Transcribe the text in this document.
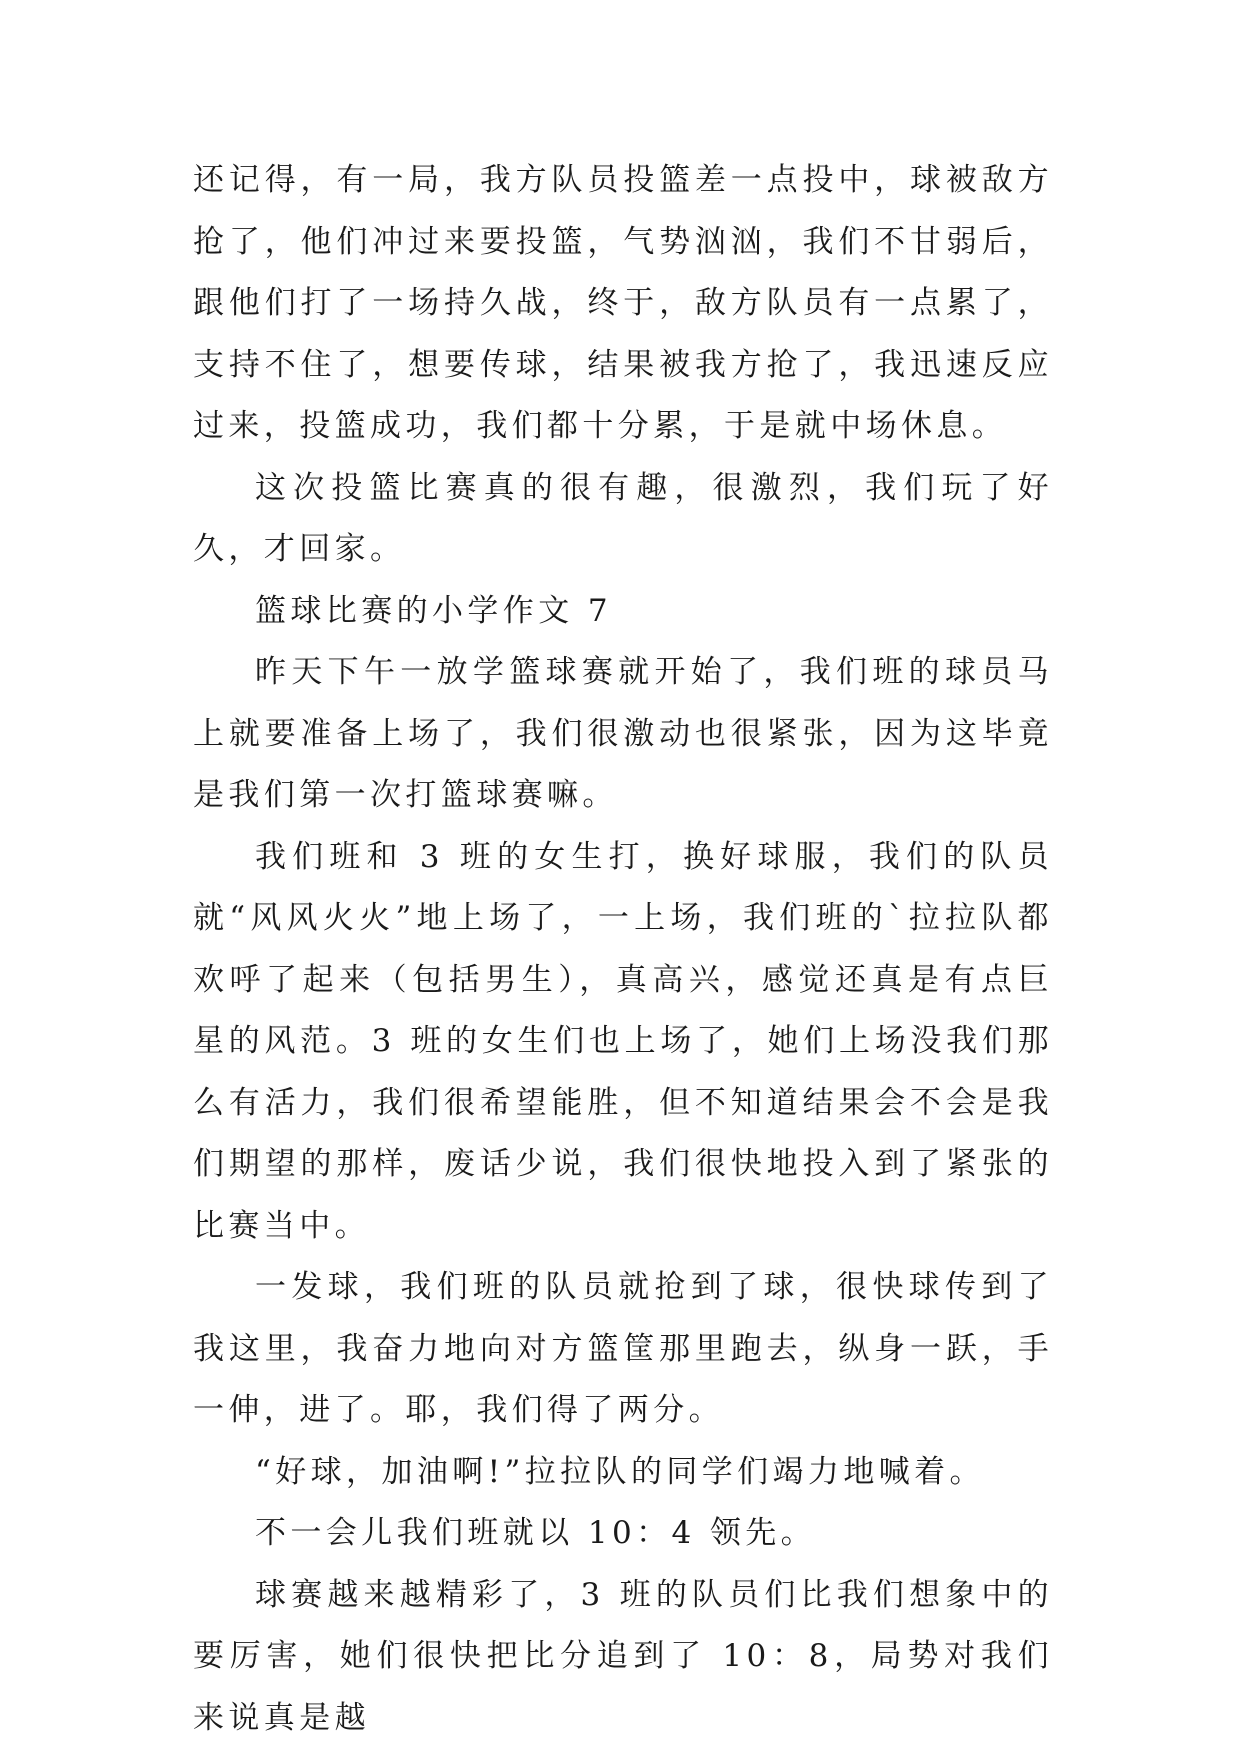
还记得，有一局，我方队员投篮差一点投中，球被敌方抢了，他们冲过来要投篮，气势汹汹，我们不甘弱后，跟他们打了一场持久战，终于，敌方队员有一点累了，支持不住了，想要传球，结果被我方抢了，我迅速反应过来，投篮成功，我们都十分累，于是就中场休息。

这次投篮比赛真的很有趣，很激烈，我们玩了好久，才回家。

篮球比赛的小学作文 7

昨天下午一放学篮球赛就开始了，我们班的球员马上就要准备上场了，我们很激动也很紧张，因为这毕竟是我们第一次打篮球赛嘛。

我们班和 3 班的女生打，换好球服，我们的队员就“风风火火”地上场了，一上场，我们班的`拉拉队都欢呼了起来（包括男生），真高兴，感觉还真是有点巨星的风范。3 班的女生们也上场了，她们上场没我们那么有活力，我们很希望能胜，但不知道结果会不会是我们期望的那样，废话少说，我们很快地投入到了紧张的比赛当中。

一发球，我们班的队员就抢到了球，很快球传到了我这里，我奋力地向对方篮筐那里跑去，纵身一跃，手一伸，进了。耶，我们得了两分。

“好球，加油啊!”拉拉队的同学们竭力地喊着。

不一会儿我们班就以 10：4 领先。

球赛越来越精彩了，3 班的队员们比我们想象中的要厉害，她们很快把比分追到了 10：8，局势对我们来说真是越
